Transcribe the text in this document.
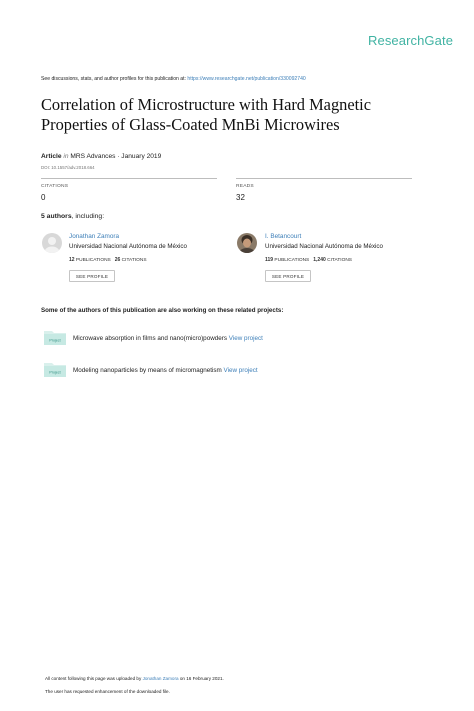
ResearchGate
See discussions, stats, and author profiles for this publication at: https://www.researchgate.net/publication/330092740
Correlation of Microstructure with Hard Magnetic
Properties of Glass-Coated MnBi Microwires
Article in MRS Advances · January 2019
DOI: 10.1557/adv.2018.664
CITATIONS
0
READS
32
5 authors, including:
Jonathan Zamora
Universidad Nacional Autónoma de México
12 PUBLICATIONS 26 CITATIONS
SEE PROFILE
I. Betancourt
Universidad Nacional Autónoma de México
119 PUBLICATIONS 1,240 CITATIONS
SEE PROFILE
Some of the authors of this publication are also working on these related projects:
Project Microwave absorption in films and nano(micro)powders View project
Project Modeling nanoparticles by means of micromagnetism View project
All content following this page was uploaded by Jonathan Zamora on 16 February 2021.
The user has requested enhancement of the downloaded file.
